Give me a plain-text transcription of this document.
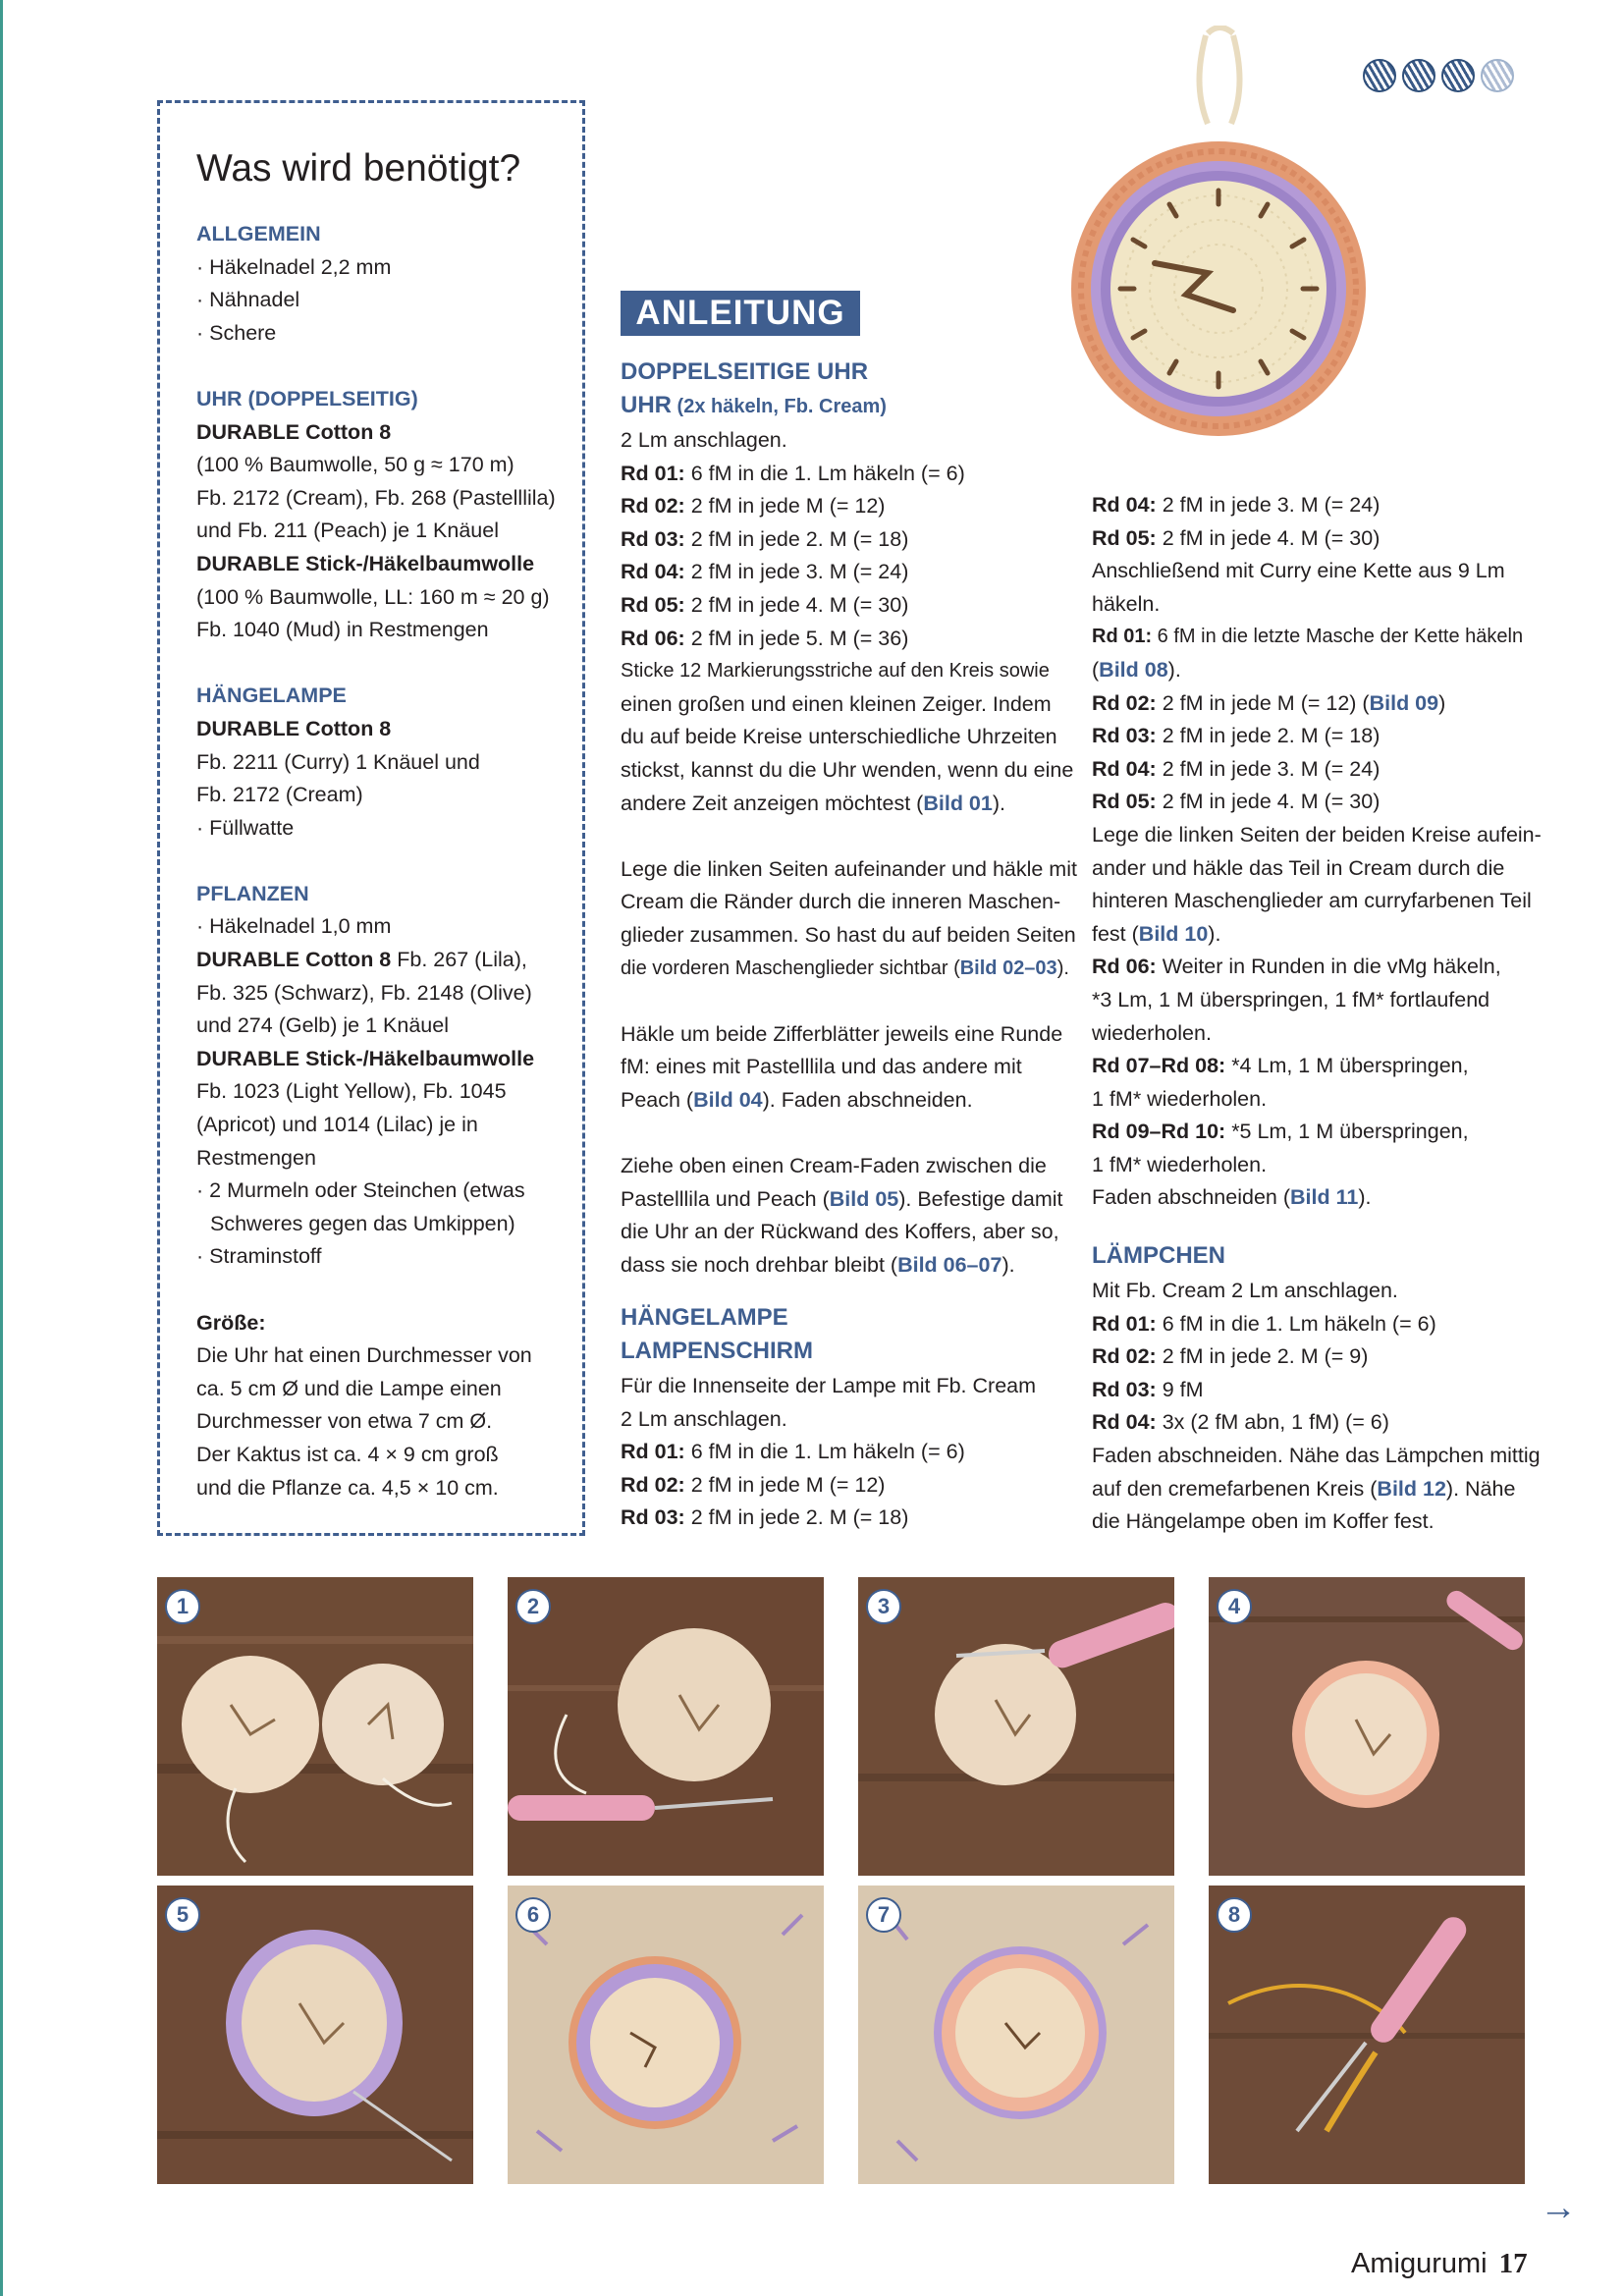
Was wird benötigt?
ALLGEMEIN
· Häkelnadel 2,2 mm
· Nähnadel
· Schere
UHR (DOPPELSEITIG)
DURABLE Cotton 8
(100 % Baumwolle, 50 g ≈ 170 m)
Fb. 2172 (Cream), Fb. 268 (Pastelllila)
und Fb. 211 (Peach) je 1 Knäuel
DURABLE Stick-/Häkelbaumwolle
(100 % Baumwolle, LL: 160 m ≈ 20 g)
Fb. 1040 (Mud) in Restmengen
HÄNGELAMPE
DURABLE Cotton 8
Fb. 2211 (Curry) 1 Knäuel und
Fb. 2172 (Cream)
· Füllwatte
PFLANZEN
· Häkelnadel 1,0 mm
DURABLE Cotton 8 Fb. 267 (Lila),
Fb. 325 (Schwarz), Fb. 2148 (Olive)
und 274 (Gelb) je 1 Knäuel
DURABLE Stick-/Häkelbaumwolle
Fb. 1023 (Light Yellow), Fb. 1045
(Apricot) und 1014 (Lilac) je in
Restmengen
· 2 Murmeln oder Steinchen (etwas
Schweres gegen das Umkippen)
· Straminstoff
Größe:
Die Uhr hat einen Durchmesser von
ca. 5 cm Ø und die Lampe einen
Durchmesser von etwa 7 cm Ø.
Der Kaktus ist ca. 4 × 9 cm groß
und die Pflanze ca. 4,5 × 10 cm.
ANLEITUNG
DOPPELSEITIGE UHR
UHR (2x häkeln, Fb. Cream)
2 Lm anschlagen.
Rd 01: 6 fM in die 1. Lm häkeln (= 6)
Rd 02: 2 fM in jede M (= 12)
Rd 03: 2 fM in jede 2. M (= 18)
Rd 04: 2 fM in jede 3. M (= 24)
Rd 05: 2 fM in jede 4. M (= 30)
Rd 06: 2 fM in jede 5. M (= 36)
Sticke 12 Markierungsstriche auf den Kreis sowie
einen großen und einen kleinen Zeiger. Indem
du auf beide Kreise unterschiedliche Uhrzeiten
stickst, kannst du die Uhr wenden, wenn du eine
andere Zeit anzeigen möchtest (Bild 01).
Lege die linken Seiten aufeinander und häkle mit
Cream die Ränder durch die inneren Maschen-
glieder zusammen. So hast du auf beiden Seiten
die vorderen Maschenglieder sichtbar (Bild 02–03).
Häkle um beide Zifferblätter jeweils eine Runde
fM: eines mit Pastelllila und das andere mit
Peach (Bild 04). Faden abschneiden.
Ziehe oben einen Cream-Faden zwischen die
Pastelllila und Peach (Bild 05). Befestige damit
die Uhr an der Rückwand des Koffers, aber so,
dass sie noch drehbar bleibt (Bild 06–07).
HÄNGELAMPE
LAMPENSCHIRM
Für die Innenseite der Lampe mit Fb. Cream
2 Lm anschlagen.
Rd 01: 6 fM in die 1. Lm häkeln (= 6)
Rd 02: 2 fM in jede M (= 12)
Rd 03: 2 fM in jede 2. M (= 18)
1	2	3	4
5	6	7	8
Rd 04: 2 fM in jede 3. M (= 24)
Rd 05: 2 fM in jede 4. M (= 30)
Anschließend mit Curry eine Kette aus 9 Lm
häkeln.
Rd 01: 6 fM in die letzte Masche der Kette häkeln
(Bild 08).
Rd 02: 2 fM in jede M (= 12) (Bild 09)
Rd 03: 2 fM in jede 2. M (= 18)
Rd 04: 2 fM in jede 3. M (= 24)
Rd 05: 2 fM in jede 4. M (= 30)
Lege die linken Seiten der beiden Kreise aufein-
ander und häkle das Teil in Cream durch die
hinteren Maschenglieder am curryfarbenen Teil
fest (Bild 10).
Rd 06: Weiter in Runden in die vMg häkeln,
*3 Lm, 1 M überspringen, 1 fM* fortlaufend
wiederholen.
Rd 07–Rd 08: *4 Lm, 1 M überspringen,
1 fM* wiederholen.
Rd 09–Rd 10: *5 Lm, 1 M überspringen,
1 fM* wiederholen.
Faden abschneiden (Bild 11).
LÄMPCHEN
Mit Fb. Cream 2 Lm anschlagen.
Rd 01: 6 fM in die 1. Lm häkeln (= 6)
Rd 02: 2 fM in jede 2. M (= 9)
Rd 03: 9 fM
Rd 04: 3x (2 fM abn, 1 fM) (= 6)
Faden abschneiden. Nähe das Lämpchen mittig
auf den cremefarbenen Kreis (Bild 12). Nähe
die Hängelampe oben im Koffer fest.
→
Amigurumi 17
